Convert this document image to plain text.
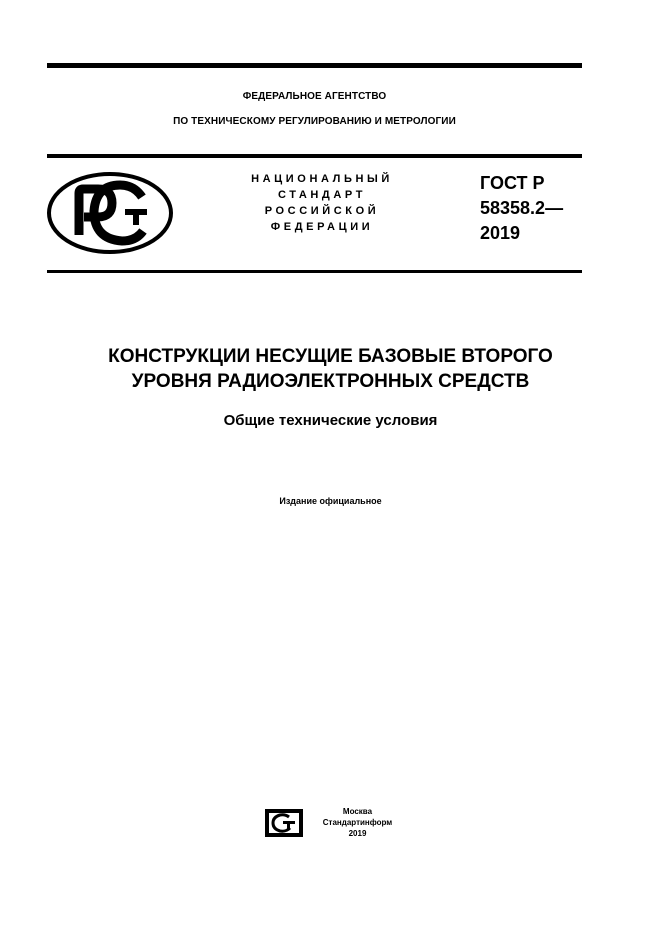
ФЕДЕРАЛЬНОЕ АГЕНТСТВО
ПО ТЕХНИЧЕСКОМУ РЕГУЛИРОВАНИЮ И МЕТРОЛОГИИ
НАЦИОНАЛЬНЫЙ
СТАНДАРТ
РОССИЙСКОЙ
ФЕДЕРАЦИИ
ГОСТ Р
58358.2—
2019
КОНСТРУКЦИИ НЕСУЩИЕ БАЗОВЫЕ ВТОРОГО
УРОВНЯ РАДИОЭЛЕКТРОННЫХ СРЕДСТВ
Общие технические условия
Издание официальное
Москва
Стандартинформ
2019
